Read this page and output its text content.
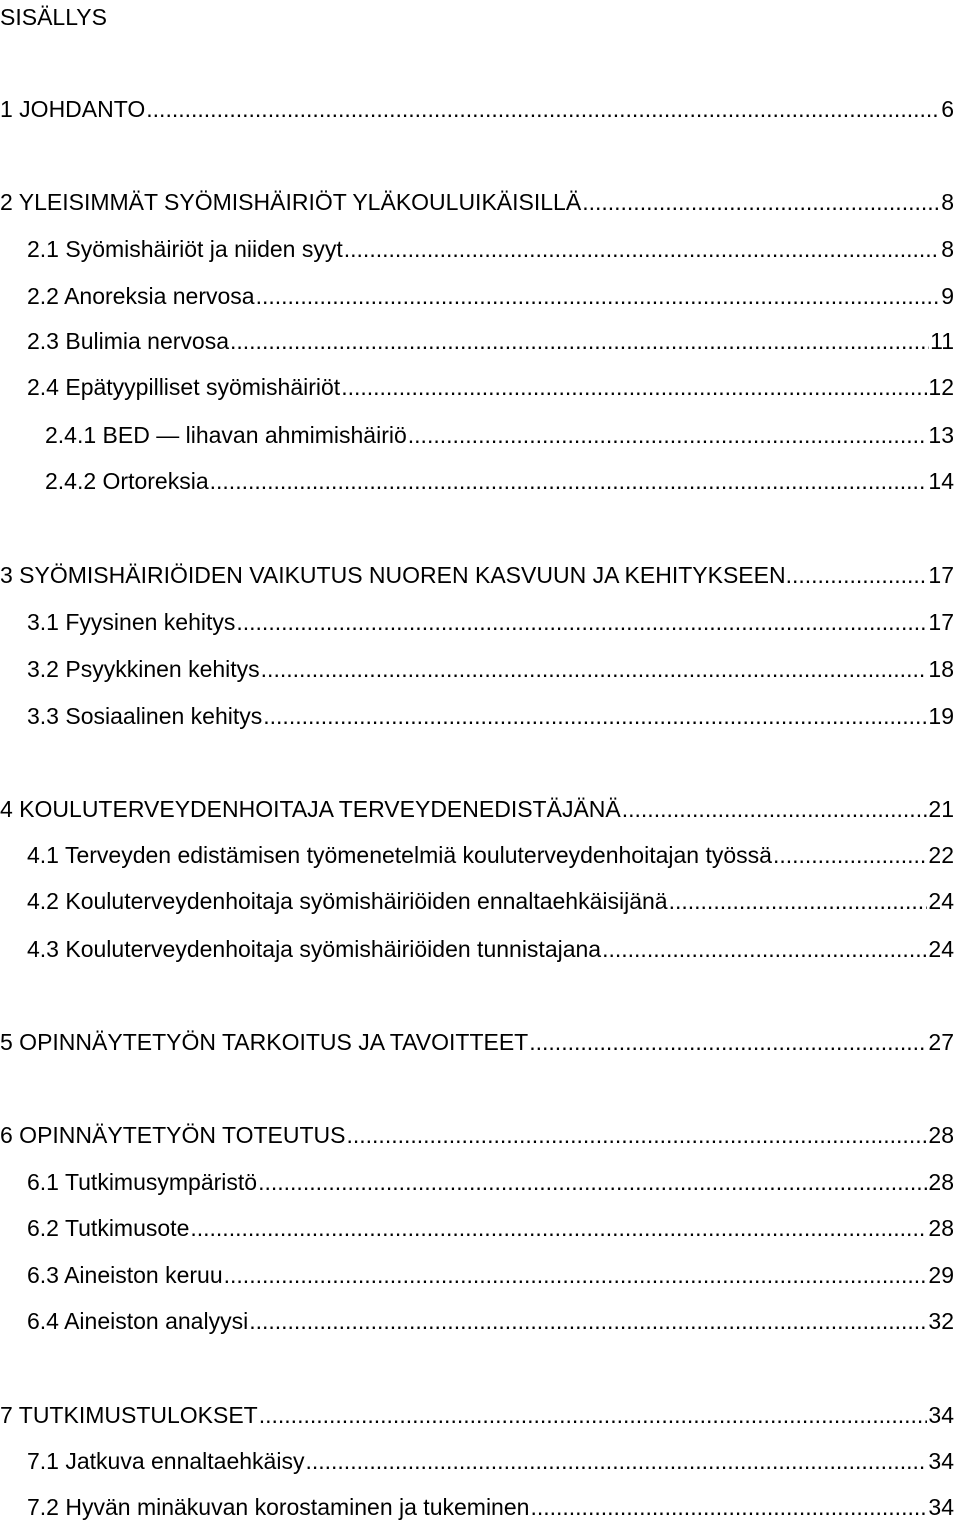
SISÄLLYS
1 JOHDANTO .....	6
2 YLEISIMMÄT SYÖMISHÄIRIÖT YLÄKOULUIKÄISILLÄ .....	8
2.1 Syömishäiriöt ja niiden syyt .....	8
2.2 Anoreksia nervosa .....	9
2.3 Bulimia nervosa .....	11
2.4 Epätyypilliset syömishäiriöt .....	12
2.4.1 BED — lihavan ahmimishäiriö .....	13
2.4.2 Ortoreksia .....	14
3 SYÖMISHÄIRIÖIDEN VAIKUTUS NUOREN KASVUUN JA KEHITYKSEEN .....	17
3.1 Fyysinen kehitys .....	17
3.2 Psyykkinen kehitys .....	18
3.3 Sosiaalinen kehitys .....	19
4 KOULUTERVEYDENHOITAJA TERVEYDENEDISTÄJÄNÄ .....	21
4.1 Terveyden edistämisen työmenetelmiä kouluterveydenhoitajan työssä .....	22
4.2 Kouluterveydenhoitaja syömishäiriöiden ennaltaehkäisijänä .....	24
4.3 Kouluterveydenhoitaja syömishäiriöiden tunnistajana .....	24
5 OPINNÄYTETYÖN TARKOITUS JA TAVOITTEET .....	27
6 OPINNÄYTETYÖN TOTEUTUS .....	28
6.1 Tutkimusympäristö .....	28
6.2 Tutkimusote .....	28
6.3 Aineiston keruu .....	29
6.4 Aineiston analyysi .....	32
7 TUTKIMUSTULOKSET .....	34
7.1 Jatkuva ennaltaehkäisy .....	34
7.2 Hyvän minäkuvan korostaminen ja tukeminen .....	34
